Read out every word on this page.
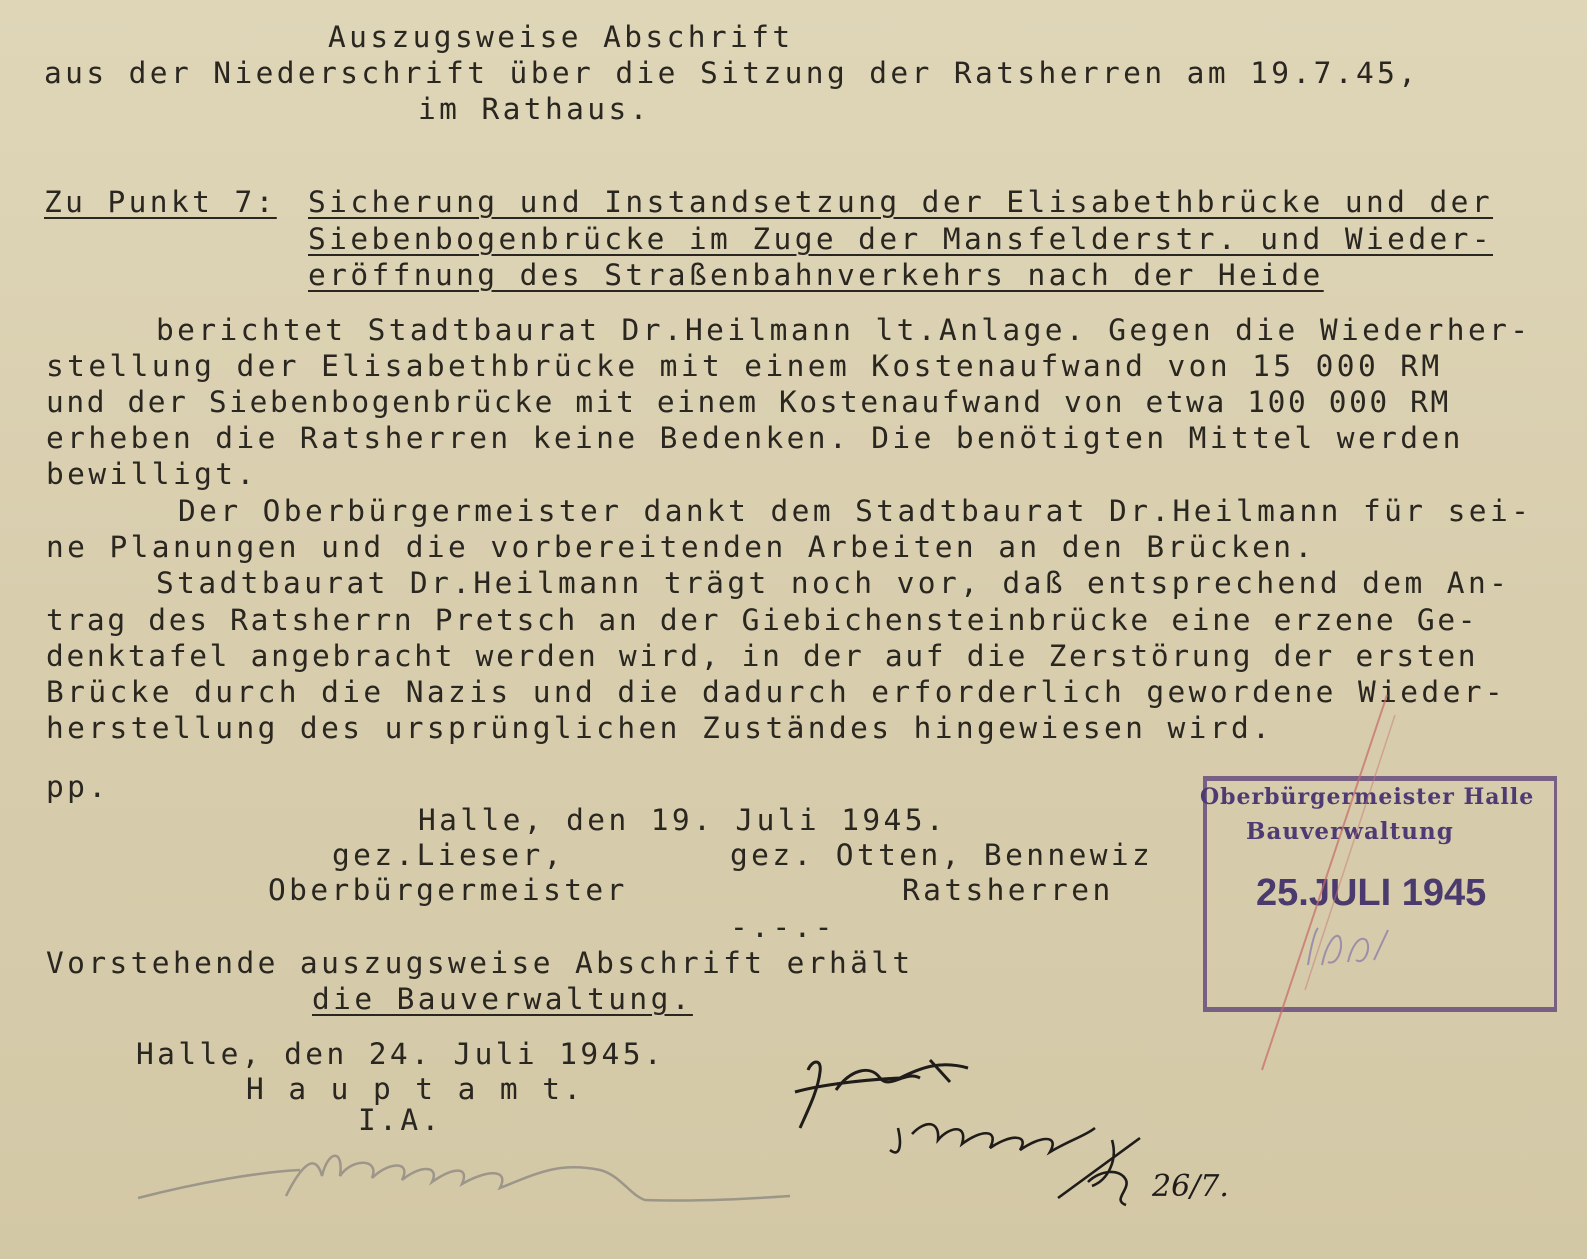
Auszugsweise Abschrift
aus der Niederschrift über die Sitzung der Ratsherren am 19.7.45,
im Rathaus.
Zu Punkt 7: Sicherung und Instandsetzung der Elisabethbrücke und der
Siebenbogenbrücke im Zuge der Mansfelderstr. und Wieder-
eröffnung des Straßenbahnverkehrs nach der Heide
berichtet Stadtbaurat Dr.Heilmann lt.Anlage. Gegen die Wiederher-
stellung der Elisabethbrücke mit einem Kostenaufwand von 15 000 RM
und der Siebenbogenbrücke mit einem Kostenaufwand von etwa 100 000 RM
erheben die Ratsherren keine Bedenken. Die benötigten Mittel werden
bewilligt.
Der Oberbürgermeister dankt dem Stadtbaurat Dr.Heilmann für sei-
ne Planungen und die vorbereitenden Arbeiten an den Brücken.
Stadtbaurat Dr.Heilmann trägt noch vor, daß entsprechend dem An-
trag des Ratsherrn Pretsch an der Giebichensteinbrücke eine erzene Ge-
denktafel angebracht werden wird, in der auf die Zerstörung der ersten
Brücke durch die Nazis und die dadurch erforderlich gewordene Wieder-
herstellung des ursprünglichen Zuständes hingewiesen wird.
pp.
Halle, den 19. Juli 1945.
gez.Lieser,	gez. Otten, Bennewiz
Oberbürgermeister	Ratsherren
-.-.-
Vorstehende auszugsweise Abschrift erhält
die Bauverwaltung.
Halle, den 24. Juli 1945.
H a u p t a m t.
I.A.
Oberbürgermeister Halle
Bauverwaltung
25.JULI 1945
26/7.
